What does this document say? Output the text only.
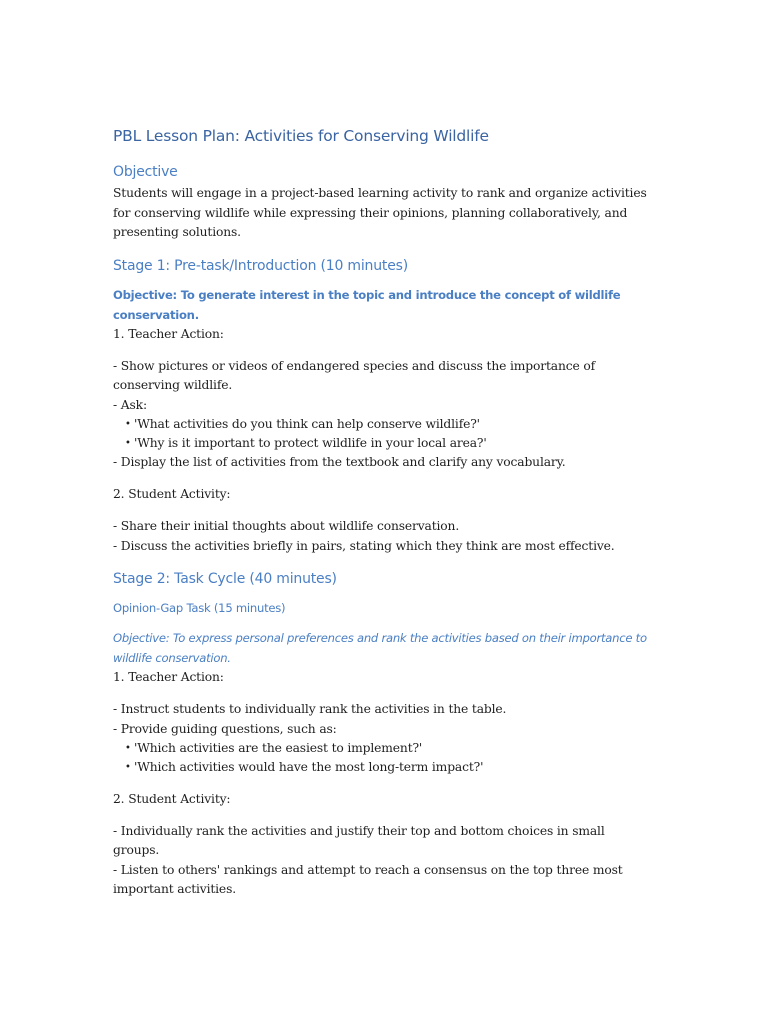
PBL Lesson Plan: Activities for Conserving Wildlife
Objective

Students will engage in a project-based learning activity to rank and organize activities for conserving wildlife while expressing their opinions, planning collaboratively, and presenting solutions.

Stage 1: Pre-task/Introduction (10 minutes)
Objective: To generate interest in the topic and introduce the concept of wildlife conservation.

1. Teacher Action:

- Show pictures or videos of endangered species and discuss the importance of conserving wildlife.

- Ask:

• 'What activities do you think can help conserve wildlife?'
• 'Why is it important to protect wildlife in your local area?'

- Display the list of activities from the textbook and clarify any vocabulary.

2. Student Activity:

- Share their initial thoughts about wildlife conservation.

- Discuss the activities briefly in pairs, stating which they think are most effective.

Stage 2: Task Cycle (40 minutes)
Opinion-Gap Task (15 minutes)
Objective: To express personal preferences and rank the activities based on their importance to wildlife conservation.

1. Teacher Action:

- Instruct students to individually rank the activities in the table.

- Provide guiding questions, such as:

• 'Which activities are the easiest to implement?'
• 'Which activities would have the most long-term impact?'

2. Student Activity:

- Individually rank the activities and justify their top and bottom choices in small groups.

- Listen to others' rankings and attempt to reach a consensus on the top three most important activities.
